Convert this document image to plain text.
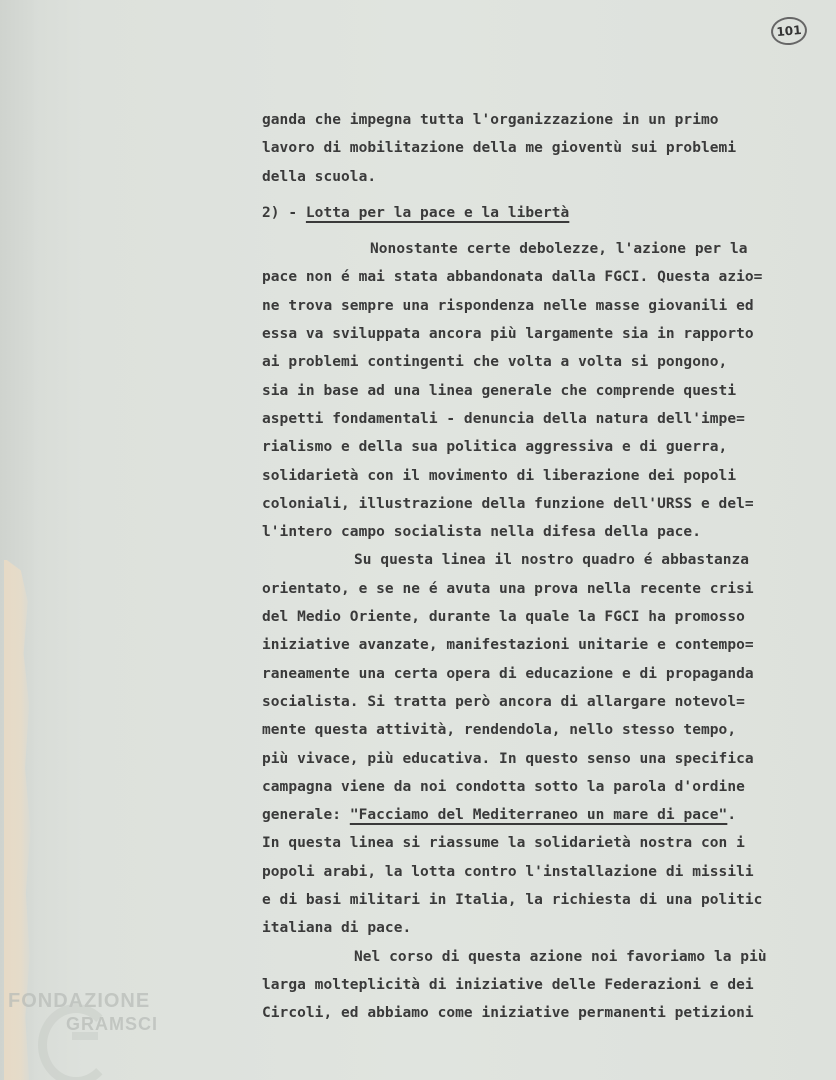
101
ganda che impegna tutta l'organizzazione in un primo
lavoro di mobilitazione della me gioventù sui problemi
della scuola.
2) - Lotta per la pace e la libertà
Nonostante certe debolezze, l'azione per la
pace non é mai stata abbandonata dalla FGCI. Questa azio=
ne trova sempre una rispondenza nelle masse giovanili ed
essa va sviluppata ancora più largamente sia in rapporto
ai problemi contingenti che volta a volta si pongono,
sia in base ad una linea generale che comprende questi
aspetti fondamentali - denuncia della natura dell'impe=
rialismo e della sua politica aggressiva e di guerra,
solidarietà con il movimento di liberazione dei popoli
coloniali, illustrazione della funzione dell'URSS e del=
l'intero campo socialista nella difesa della pace.
Su questa linea il nostro quadro é abbastanza
orientato, e se ne é avuta una prova nella recente crisi
del Medio Oriente, durante la quale la FGCI ha promosso
iniziative avanzate, manifestazioni unitarie e contempo=
raneamente una certa opera di educazione e di propaganda
socialista. Si tratta però ancora di allargare notevol=
mente questa attività, rendendola, nello stesso tempo,
più vivace, più educativa. In questo senso una specifica
campagna viene da noi condotta sotto la parola d'ordine
generale: "Facciamo del Mediterraneo un mare di pace".
In questa linea si riassume la solidarietà nostra con i
popoli arabi, la lotta contro l'installazione di missili
e di basi militari in Italia, la richiesta di una politic
italiana di pace.
Nel corso di questa azione noi favoriamo la più
larga molteplicità di iniziative delle Federazioni e dei
Circoli, ed abbiamo come iniziative permanenti petizioni
FONDAZIONE
GRAMSCI
